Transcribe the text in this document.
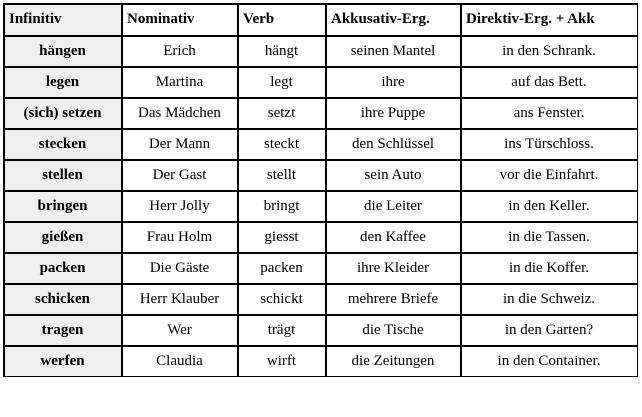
Infinitiv	Nominativ	Verb	Akkusativ-Erg.	Direktiv-Erg. + Akk
hängen	Erich	hängt	seinen Mantel	in den Schrank.
legen	Martina	legt	ihre	auf das Bett.
(sich) setzen	Das Mädchen	setzt	ihre Puppe	ans Fenster.
stecken	Der Mann	steckt	den Schlüssel	ins Türschloss.
stellen	Der Gast	stellt	sein Auto	vor die Einfahrt.
bringen	Herr Jolly	bringt	die Leiter	in den Keller.
gießen	Frau Holm	giesst	den Kaffee	in die Tassen.
packen	Die Gäste	packen	ihre Kleider	in die Koffer.
schicken	Herr Klauber	schickt	mehrere Briefe	in die Schweiz.
tragen	Wer	trägt	die Tische	in den Garten?
werfen	Claudia	wirft	die Zeitungen	in den Container.
